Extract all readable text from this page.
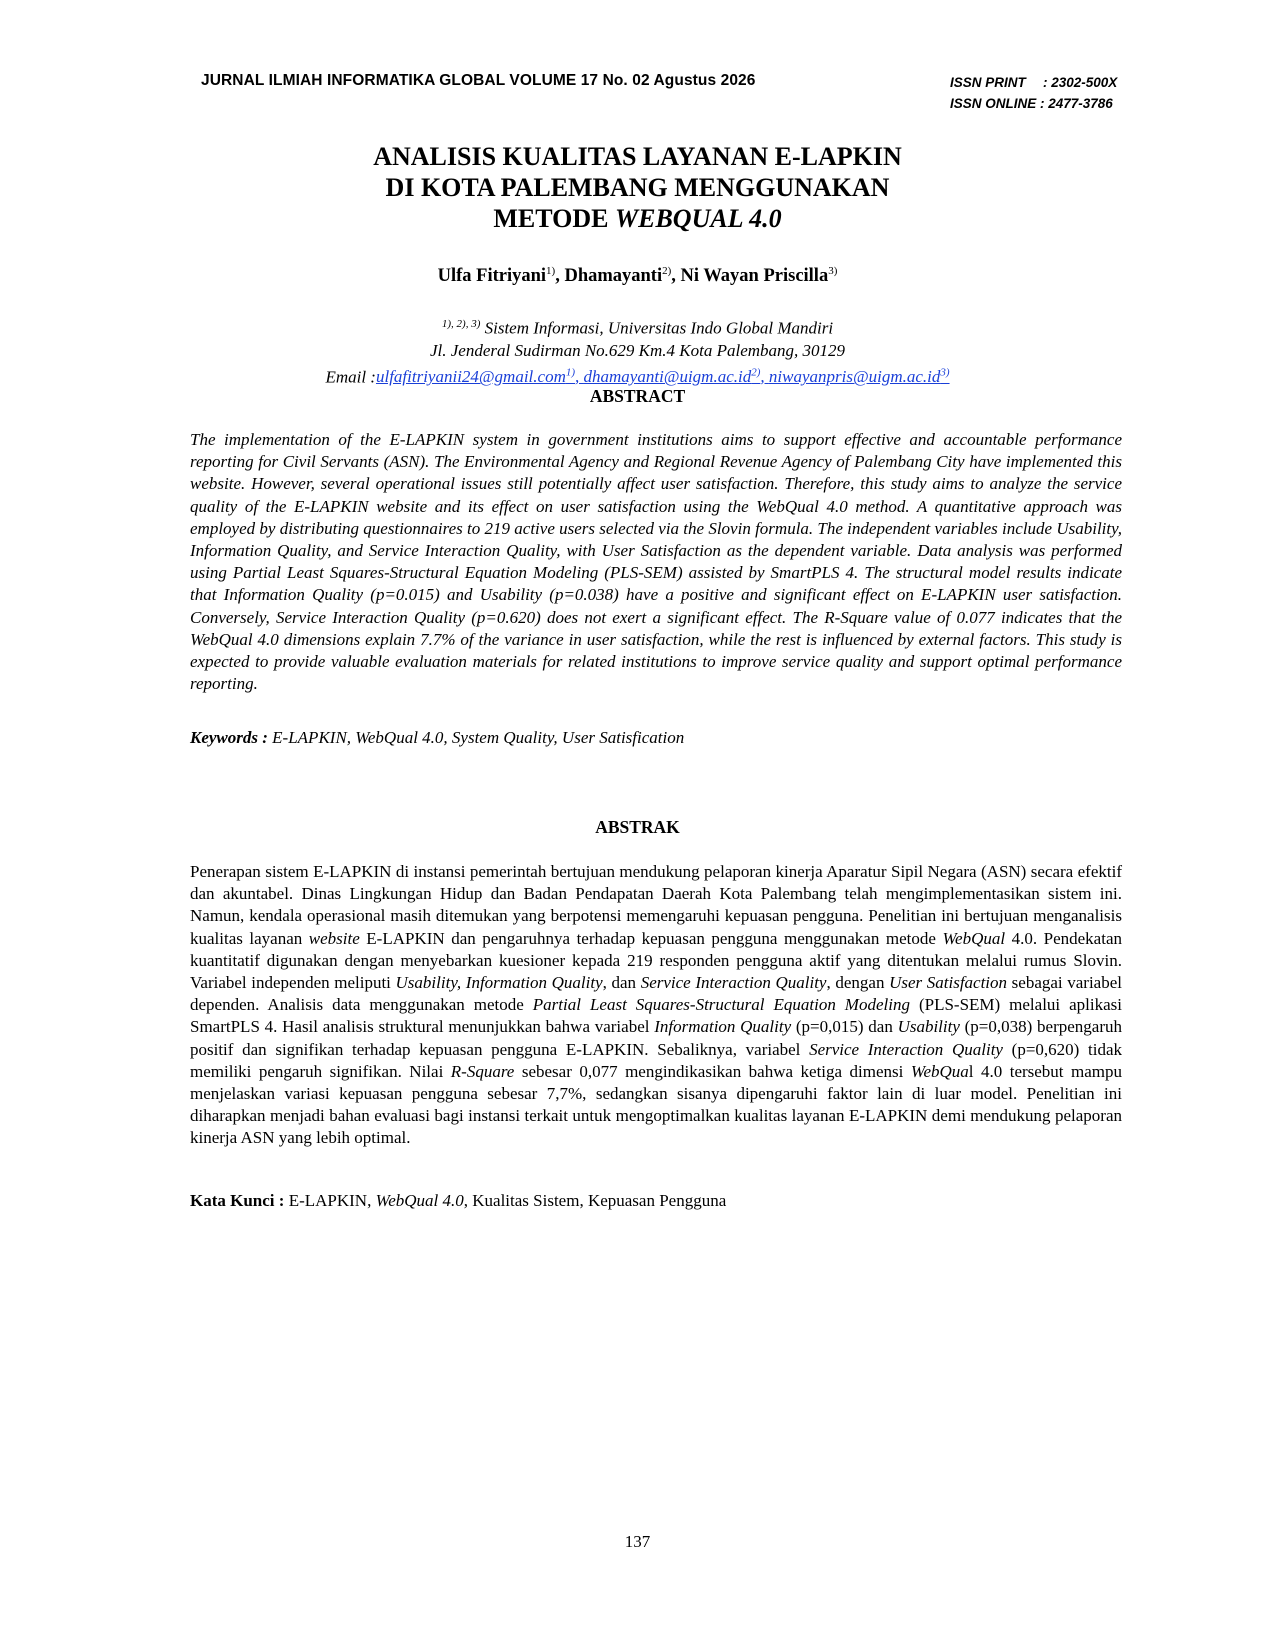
JURNAL ILMIAH INFORMATIKA GLOBAL VOLUME 17 No. 02 Agustus 2026	ISSN PRINT : 2302-500X
ISSN ONLINE : 2477-3786
ANALISIS KUALITAS LAYANAN E-LAPKIN
DI KOTA PALEMBANG MENGGUNAKAN
METODE WEBQUAL 4.0
Ulfa Fitriyani$^{1)}$, Dhamayanti$^{2)}$, Ni Wayan Priscilla$^{3)}$
$^{1), 2), 3)}$ Sistem Informasi, Universitas Indo Global Mandiri
Jl. Jenderal Sudirman No.629 Km.4 Kota Palembang, 30129
Email :ulfafitriyanii24@gmail.com$^{1)}$, $dhamayanti@uigm.ac.id^{2)}$, $niwayanpris@uigm.ac.id^{3)}$
ABSTRACT
The implementation of the E-LAPKIN system in government institutions aims to support effective and accountable performance reporting for Civil Servants (ASN). The Environmental Agency and Regional Revenue Agency of Palembang City have implemented this website. However, several operational issues still potentially affect user satisfaction. Therefore, this study aims to analyze the service quality of the E-LAPKIN website and its effect on user satisfaction using the WebQual 4.0 method. A quantitative approach was employed by distributing questionnaires to 219 active users selected via the Slovin formula. The independent variables include Usability, Information Quality, and Service Interaction Quality, with User Satisfaction as the dependent variable. Data analysis was performed using Partial Least Squares-Structural Equation Modeling (PLS-SEM) assisted by SmartPLS 4. The structural model results indicate that Information Quality (p=0.015) and Usability (p=0.038) have a positive and significant effect on E-LAPKIN user satisfaction. Conversely, Service Interaction Quality (p=0.620) does not exert a significant effect. The R-Square value of 0.077 indicates that the WebQual 4.0 dimensions explain 7.7% of the variance in user satisfaction, while the rest is influenced by external factors. This study is expected to provide valuable evaluation materials for related institutions to improve service quality and support optimal performance reporting.
Keywords : E-LAPKIN, WebQual 4.0, System Quality, User Satisfication
ABSTRAK
Penerapan sistem E-LAPKIN di instansi pemerintah bertujuan mendukung pelaporan kinerja Aparatur Sipil Negara (ASN) secara efektif dan akuntabel. Dinas Lingkungan Hidup dan Badan Pendapatan Daerah Kota Palembang telah mengimplementasikan sistem ini. Namun, kendala operasional masih ditemukan yang berpotensi memengaruhi kepuasan pengguna. Penelitian ini bertujuan menganalisis kualitas layanan website E-LAPKIN dan pengaruhnya terhadap kepuasan pengguna menggunakan metode WebQual 4.0. Pendekatan kuantitatif digunakan dengan menyebarkan kuesioner kepada 219 responden pengguna aktif yang ditentukan melalui rumus Slovin. Variabel independen meliputi Usability, Information Quality, dan Service Interaction Quality, dengan User Satisfaction sebagai variabel dependen. Analisis data menggunakan metode Partial Least Squares-Structural Equation Modeling (PLS-SEM) melalui aplikasi SmartPLS 4. Hasil analisis struktural menunjukkan bahwa variabel Information Quality (p=0,015) dan Usability (p=0,038) berpengaruh positif dan signifikan terhadap kepuasan pengguna E-LAPKIN. Sebaliknya, variabel Service Interaction Quality (p=0,620) tidak memiliki pengaruh signifikan. Nilai R-Square sebesar 0,077 mengindikasikan bahwa ketiga dimensi WebQual 4.0 tersebut mampu menjelaskan variasi kepuasan pengguna sebesar 7,7%, sedangkan sisanya dipengaruhi faktor lain di luar model. Penelitian ini diharapkan menjadi bahan evaluasi bagi instansi terkait untuk mengoptimalkan kualitas layanan E-LAPKIN demi mendukung pelaporan kinerja ASN yang lebih optimal.
Kata Kunci : E-LAPKIN, WebQual 4.0, Kualitas Sistem, Kepuasan Pengguna
137
